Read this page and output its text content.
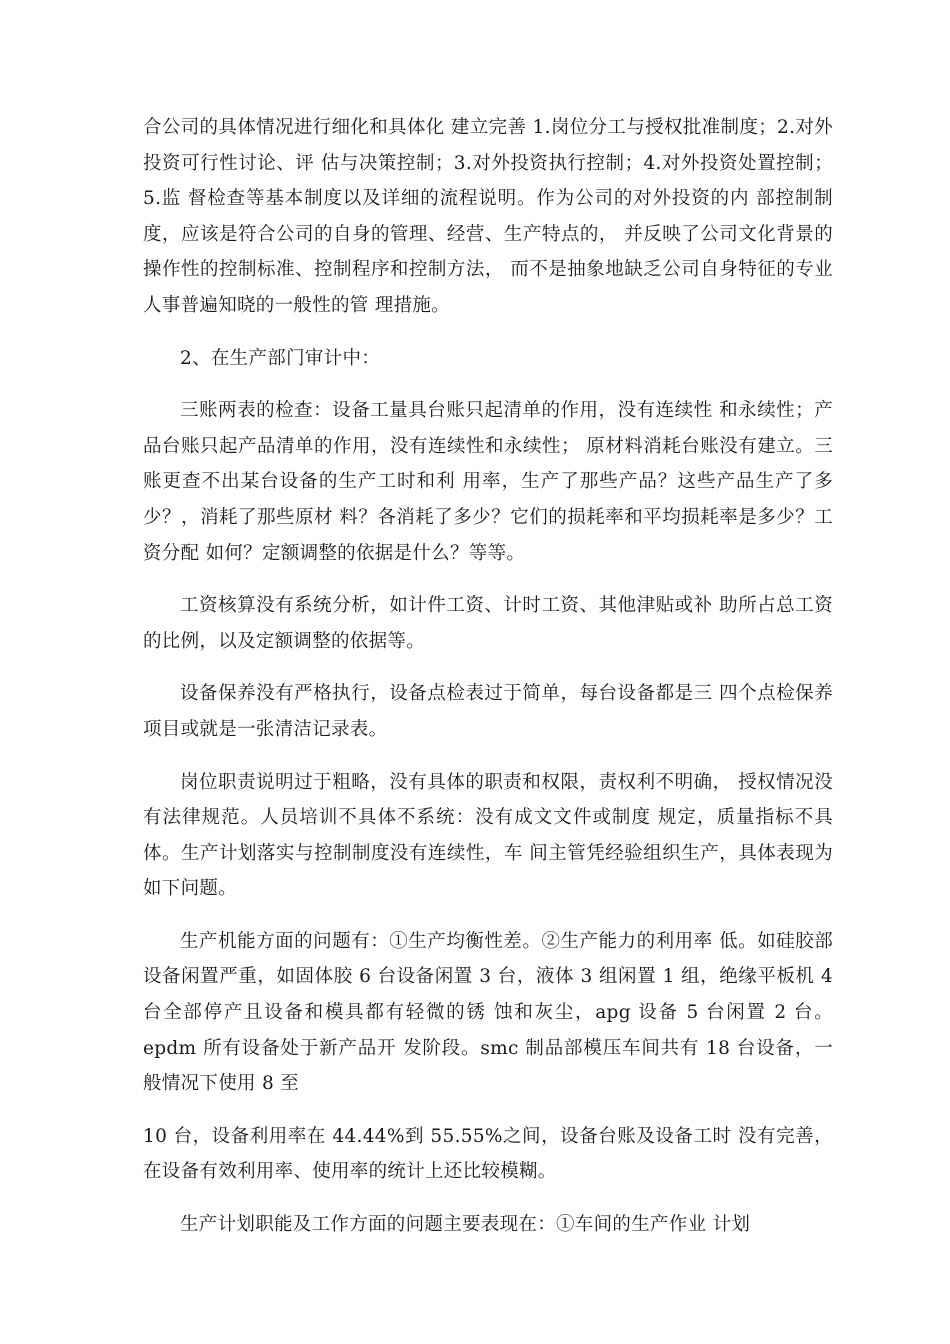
合公司的具体情况进行细化和具体化 建立完善 1.岗位分工与授权批准制度；2.对外投资可行性讨论、评 估与决策控制；3.对外投资执行控制；4.对外投资处置控制；5.监 督检查等基本制度以及详细的流程说明。作为公司的对外投资的内 部控制制度，应该是符合公司的自身的管理、经营、生产特点的， 并反映了公司文化背景的操作性的控制标准、控制程序和控制方法， 而不是抽象地缺乏公司自身特征的专业人事普遍知晓的一般性的管 理措施。

2、在生产部门审计中：

三账两表的检查：设备工量具台账只起清单的作用，没有连续性 和永续性；产品台账只起产品清单的作用，没有连续性和永续性； 原材料消耗台账没有建立。三账更查不出某台设备的生产工时和利 用率，生产了那些产品？这些产品生产了多少？，消耗了那些原材 料？各消耗了多少？它们的损耗率和平均损耗率是多少？工资分配 如何？定额调整的依据是什么？等等。

工资核算没有系统分析，如计件工资、计时工资、其他津贴或补 助所占总工资的比例，以及定额调整的依据等。

设备保养没有严格执行，设备点检表过于简单，每台设备都是三 四个点检保养项目或就是一张清洁记录表。

岗位职责说明过于粗略，没有具体的职责和权限，责权利不明确， 授权情况没有法律规范。人员培训不具体不系统：没有成文文件或制度 规定，质量指标不具体。生产计划落实与控制制度没有连续性，车 间主管凭经验组织生产，具体表现为如下问题。

生产机能方面的问题有：①生产均衡性差。②生产能力的利用率 低。如硅胶部设备闲置严重，如固体胶 6 台设备闲置 3 台，液体 3 组闲置 1 组，绝缘平板机 4 台全部停产且设备和模具都有轻微的锈 蚀和灰尘，apg 设备 5 台闲置 2 台。epdm 所有设备处于新产品开 发阶段。smc 制品部模压车间共有 18 台设备，一般情况下使用 8 至

10 台，设备利用率在 44.44%到 55.55%之间，设备台账及设备工时 没有完善，在设备有效利用率、使用率的统计上还比较模糊。

生产计划职能及工作方面的问题主要表现在：①车间的生产作业 计划
